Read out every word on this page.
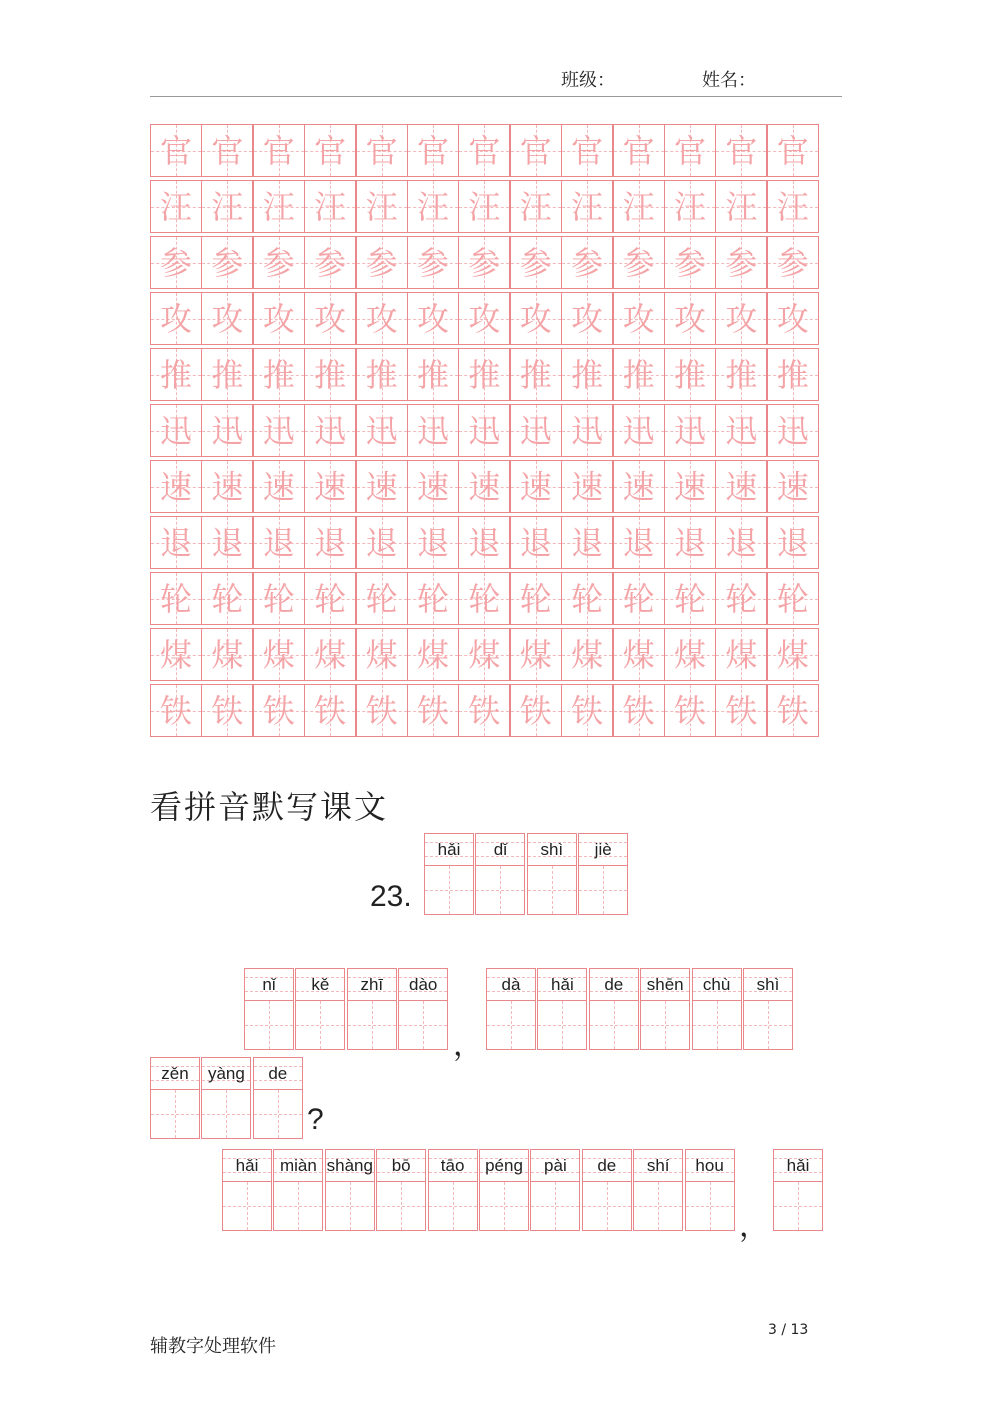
班级：	姓名：
官 官 官 官 官 官 官 官 官 官 官 官 官
汪 汪 汪 汪 汪 汪 汪 汪 汪 汪 汪 汪 汪
参 参 参 参 参 参 参 参 参 参 参 参 参
攻 攻 攻 攻 攻 攻 攻 攻 攻 攻 攻 攻 攻
推 推 推 推 推 推 推 推 推 推 推 推 推
迅 迅 迅 迅 迅 迅 迅 迅 迅 迅 迅 迅 迅
速 速 速 速 速 速 速 速 速 速 速 速 速
退 退 退 退 退 退 退 退 退 退 退 退 退
轮 轮 轮 轮 轮 轮 轮 轮 轮 轮 轮 轮 轮
煤 煤 煤 煤 煤 煤 煤 煤 煤 煤 煤 煤 煤
铁 铁 铁 铁 铁 铁 铁 铁 铁 铁 铁 铁 铁
看拼音默写课文
23.
hǎi dǐ shì jiè
nǐ kě zhī dào
，
dà hǎi de shēn chù shì
zěn yàng de
?
hǎi miàn shàng bō tāo péng pài de shí hou
，
hǎi
辅教字处理软件
3 / 13
